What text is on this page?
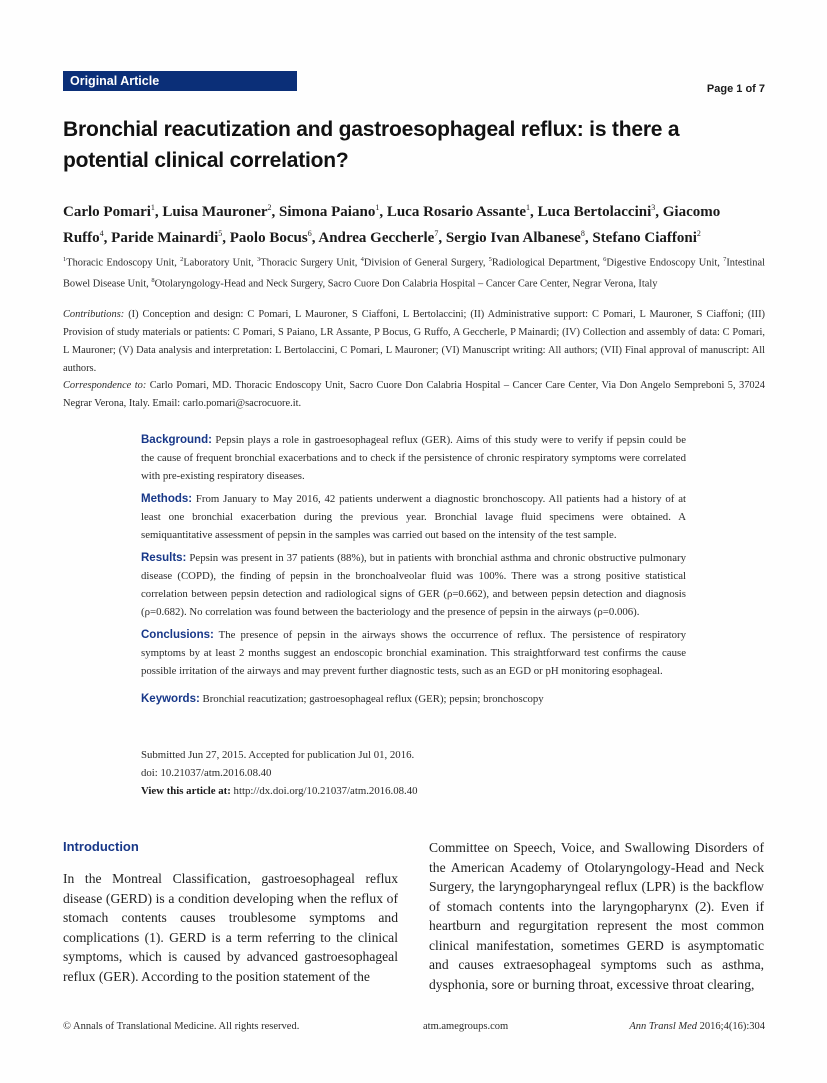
Original Article
Page 1 of 7
Bronchial reacutization and gastroesophageal reflux: is there a potential clinical correlation?
Carlo Pomari$^1$, Luisa Mauroner$^2$, Simona Paiano$^1$, Luca Rosario Assante$^1$, Luca Bertolaccini$^3$, Giacomo Ruffo$^4$, Paride Mainardi$^5$, Paolo Bocus$^6$, Andrea Geccherle$^7$, Sergio Ivan Albanese$^8$, Stefano Ciaffoni$^2$
$^1$Thoracic Endoscopy Unit, $^2$Laboratory Unit, $^3$Thoracic Surgery Unit, $^4$Division of General Surgery, $^5$Radiological Department, $^6$Digestive Endoscopy Unit, $^7$Intestinal Bowel Disease Unit, $^8$Otolaryngology-Head and Neck Surgery, Sacro Cuore Don Calabria Hospital – Cancer Care Center, Negrar Verona, Italy
Contributions: (I) Conception and design: C Pomari, L Mauroner, S Ciaffoni, L Bertolaccini; (II) Administrative support: C Pomari, L Mauroner, S Ciaffoni; (III) Provision of study materials or patients: C Pomari, S Paiano, LR Assante, P Bocus, G Ruffo, A Geccherle, P Mainardi; (IV) Collection and assembly of data: C Pomari, L Mauroner; (V) Data analysis and interpretation: L Bertolaccini, C Pomari, L Mauroner; (VI) Manuscript writing: All authors; (VII) Final approval of manuscript: All authors.
Correspondence to: Carlo Pomari, MD. Thoracic Endoscopy Unit, Sacro Cuore Don Calabria Hospital – Cancer Care Center, Via Don Angelo Sempreboni 5, 37024 Negrar Verona, Italy. Email: carlo.pomari@sacrocuore.it.

Background: Pepsin plays a role in gastroesophageal reflux (GER). Aims of this study were to verify if pepsin could be the cause of frequent bronchial exacerbations and to check if the persistence of chronic respiratory symptoms were correlated with pre-existing respiratory diseases.

Methods: From January to May 2016, 42 patients underwent a diagnostic bronchoscopy. All patients had a history of at least one bronchial exacerbation during the previous year. Bronchial lavage fluid specimens were obtained. A semiquantitative assessment of pepsin in the samples was carried out based on the intensity of the test sample.

Results: Pepsin was present in 37 patients (88%), but in patients with bronchial asthma and chronic obstructive pulmonary disease (COPD), the finding of pepsin in the bronchoalveolar fluid was 100%. There was a strong positive statistical correlation between pepsin detection and radiological signs of GER (ρ=0.662), and between pepsin detection and diagnosis (ρ=0.682). No correlation was found between the bacteriology and the presence of pepsin in the airways (ρ=0.006).

Conclusions: The presence of pepsin in the airways shows the occurrence of reflux. The persistence of respiratory symptoms by at least 2 months suggest an endoscopic bronchial examination. This straightforward test confirms the cause possible irritation of the airways and may prevent further diagnostic tests, such as an EGD or pH monitoring esophageal.

Keywords: Bronchial reacutization; gastroesophageal reflux (GER); pepsin; bronchoscopy

Submitted Jun 27, 2015. Accepted for publication Jul 01, 2016.
doi: 10.21037/atm.2016.08.40
View this article at: http://dx.doi.org/10.21037/atm.2016.08.40
Introduction
In the Montreal Classification, gastroesophageal reflux disease (GERD) is a condition developing when the reflux of stomach contents causes troublesome symptoms and complications (1). GERD is a term referring to the clinical symptoms, which is caused by advanced gastroesophageal reflux (GER). According to the position statement of the
Committee on Speech, Voice, and Swallowing Disorders of the American Academy of Otolaryngology-Head and Neck Surgery, the laryngopharyngeal reflux (LPR) is the backflow of stomach contents into the laryngopharynx (2). Even if heartburn and regurgitation represent the most common clinical manifestation, sometimes GERD is asymptomatic and causes extraesophageal symptoms such as asthma, dysphonia, sore or burning throat, excessive throat clearing,
© Annals of Translational Medicine. All rights reserved.	atm.amegroups.com	Ann Transl Med 2016;4(16):304
